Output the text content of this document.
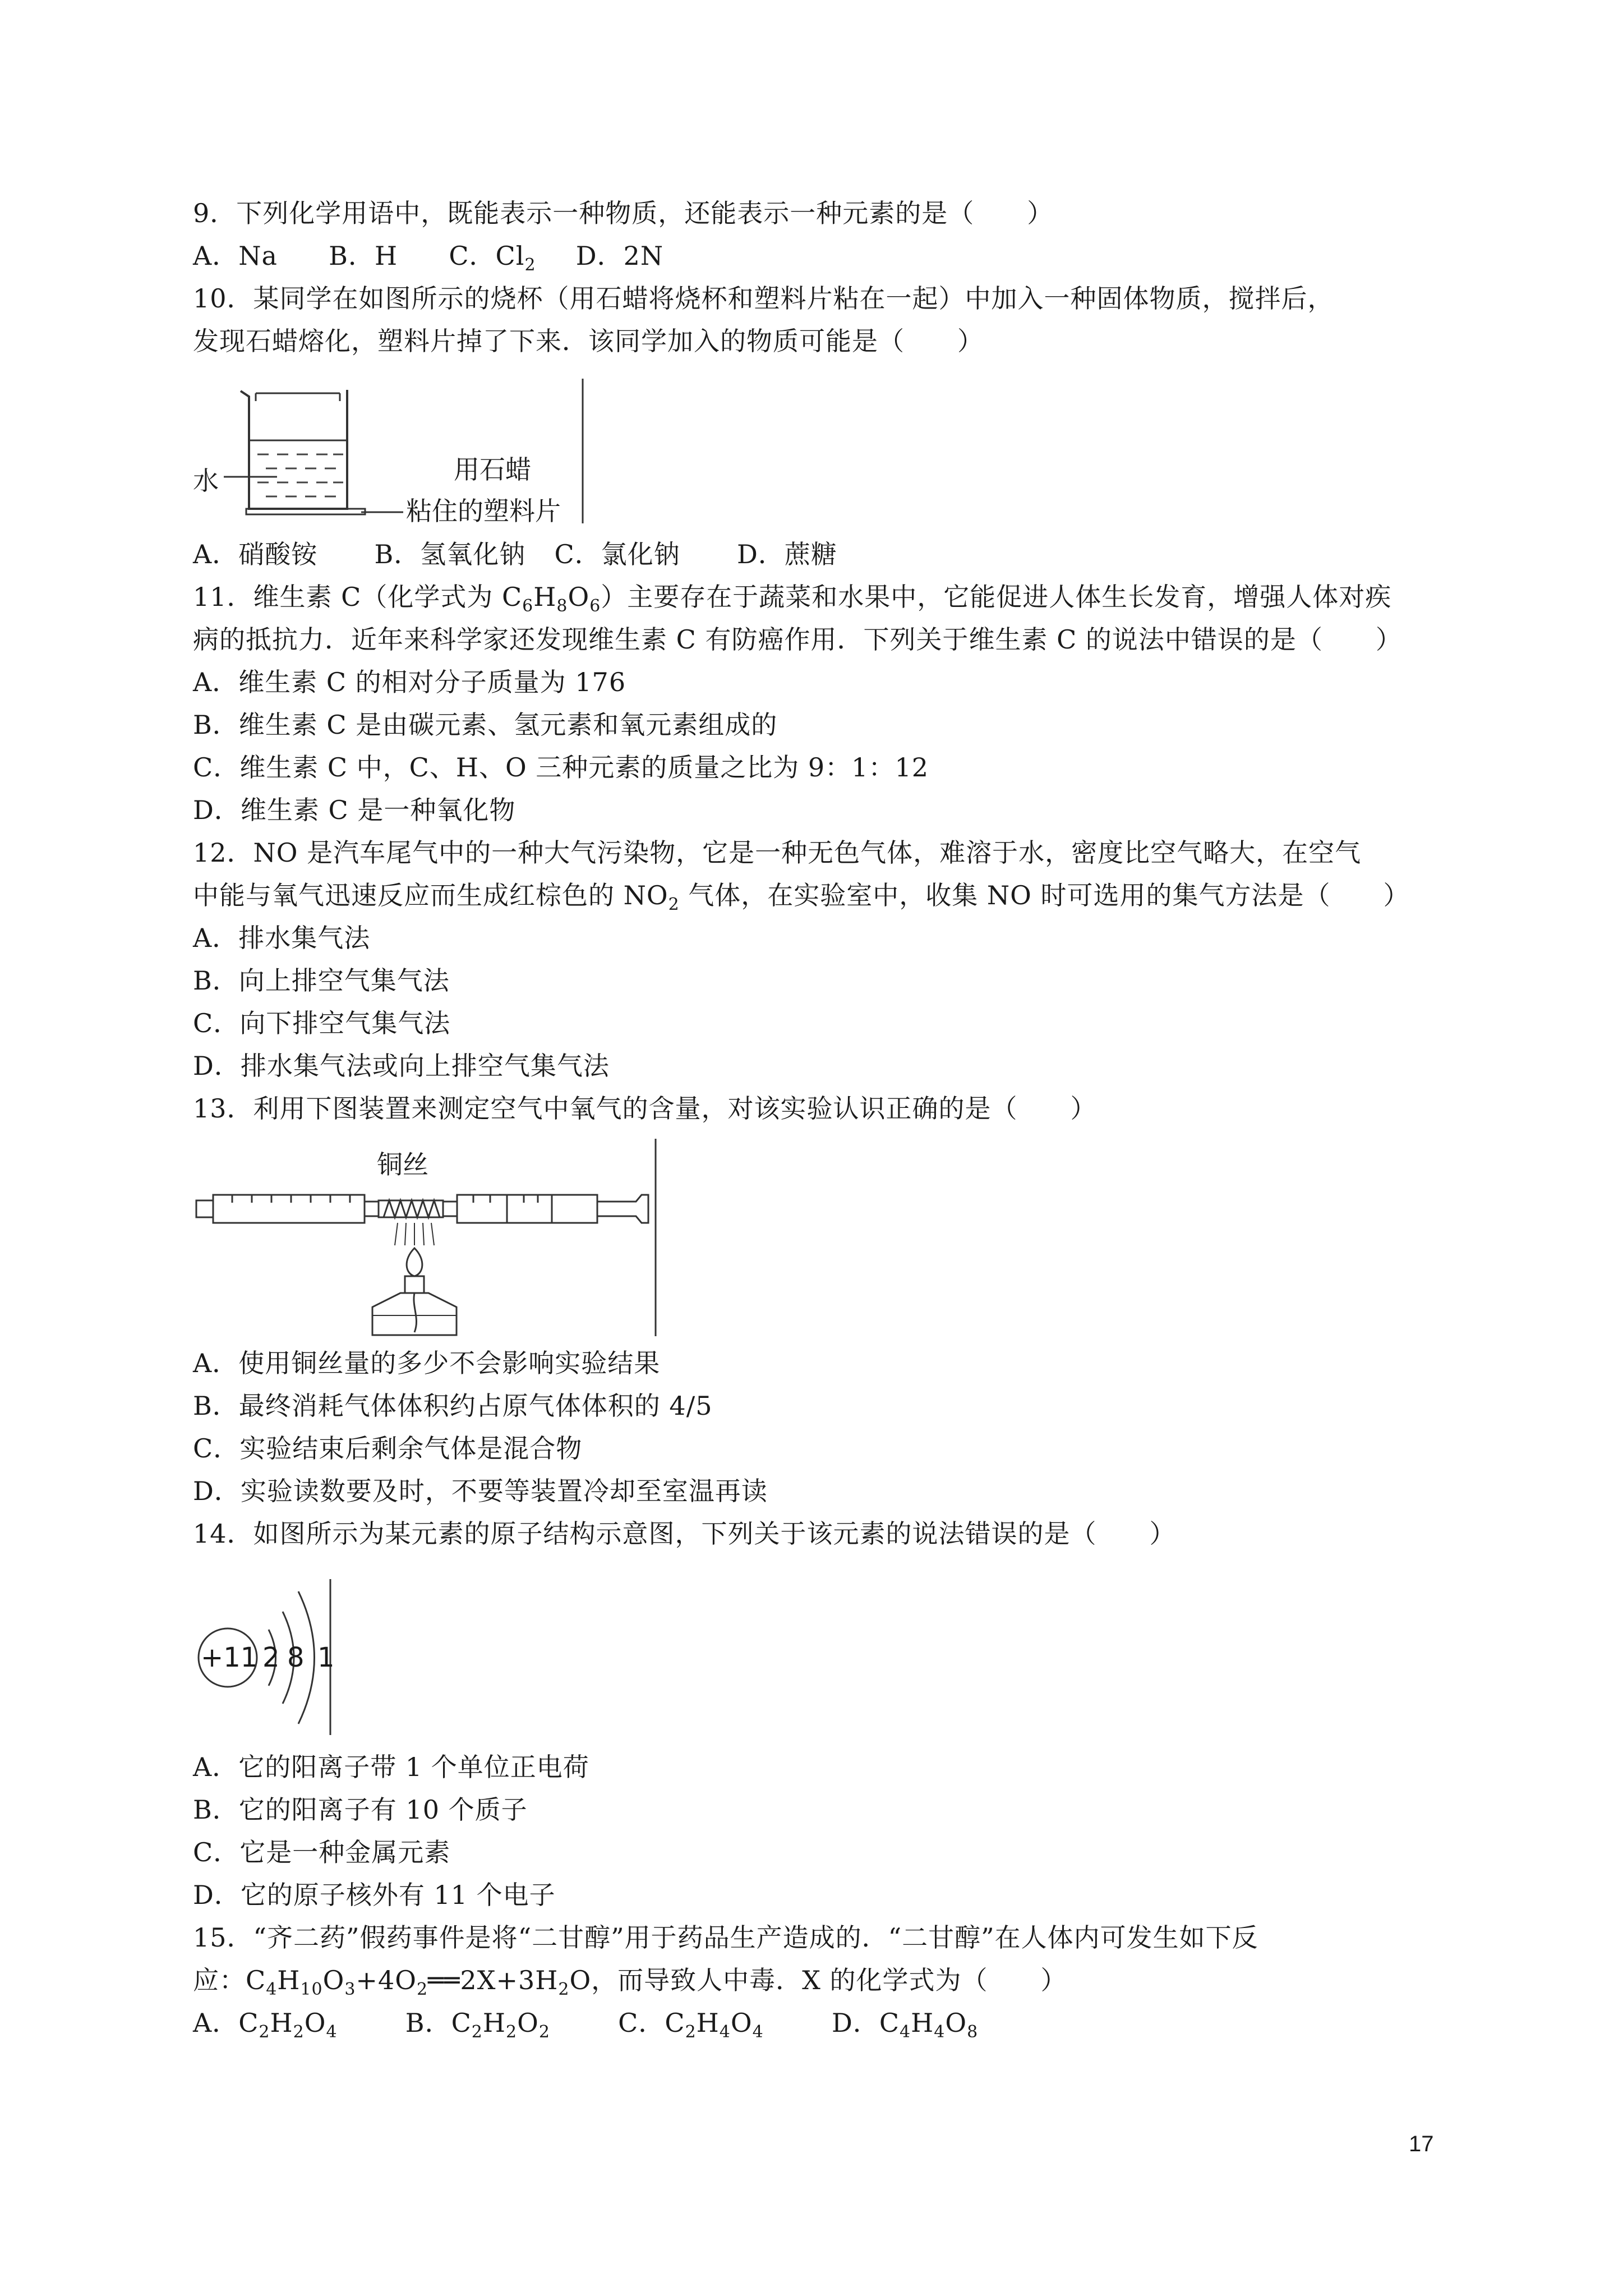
9．下列化学用语中，既能表示一种物质，还能表示一种元素的是（　　）
A．Na B．H C．$Cl_2$ D．2N
10．某同学在如图所示的烧杯（用石蜡将烧杯和塑料片粘在一起）中加入一种固体物质，搅拌后，
发现石蜡熔化，塑料片掉了下来．该同学加入的物质可能是（　　）
水	用石蜡
粘住的塑料片
A．硝酸铵 B．氢氧化钠 C．氯化钠 D．蔗糖
11．维生素 C（化学式为 $C_6H_8O_6$）主要存在于蔬菜和水果中，它能促进人体生长发育，增强人体对疾
病的抵抗力．近年来科学家还发现维生素 C 有防癌作用．下列关于维生素 C 的说法中错误的是（　　）
A．维生素 C 的相对分子质量为 176
B．维生素 C 是由碳元素、氢元素和氧元素组成的
C．维生素 C 中，C、H、O 三种元素的质量之比为 9：1：12
D．维生素 C 是一种氧化物
12．NO 是汽车尾气中的一种大气污染物，它是一种无色气体，难溶于水，密度比空气略大，在空气
中能与氧气迅速反应而生成红棕色的 $NO_2$ 气体，在实验室中，收集 NO 时可选用的集气方法是（　　）
A．排水集气法
B．向上排空气集气法
C．向下排空气集气法
D．排水集气法或向上排空气集气法
13．利用下图装置来测定空气中氧气的含量，对该实验认识正确的是（　　）
铜丝
A．使用铜丝量的多少不会影响实验结果
B．最终消耗气体体积约占原气体体积的 4/5
C．实验结束后剩余气体是混合物
D．实验读数要及时，不要等装置冷却至室温再读
14．如图所示为某元素的原子结构示意图，下列关于该元素的说法错误的是（　　）
+11 2 8 1
A．它的阳离子带 1 个单位正电荷
B．它的阳离子有 10 个质子
C．它是一种金属元素
D．它的原子核外有 11 个电子
15．“齐二药”假药事件是将“二甘醇”用于药品生产造成的．“二甘醇”在人体内可发生如下反
应：$C_4H_{10}O_3+4O_2══2X+3H_2O$，而导致人中毒．X 的化学式为（　　）
A．$C_2H_2O_4$	B．$C_2H_2O_2$	C．$C_2H_4O_4$	D．$C_4H_4O_8$
17
